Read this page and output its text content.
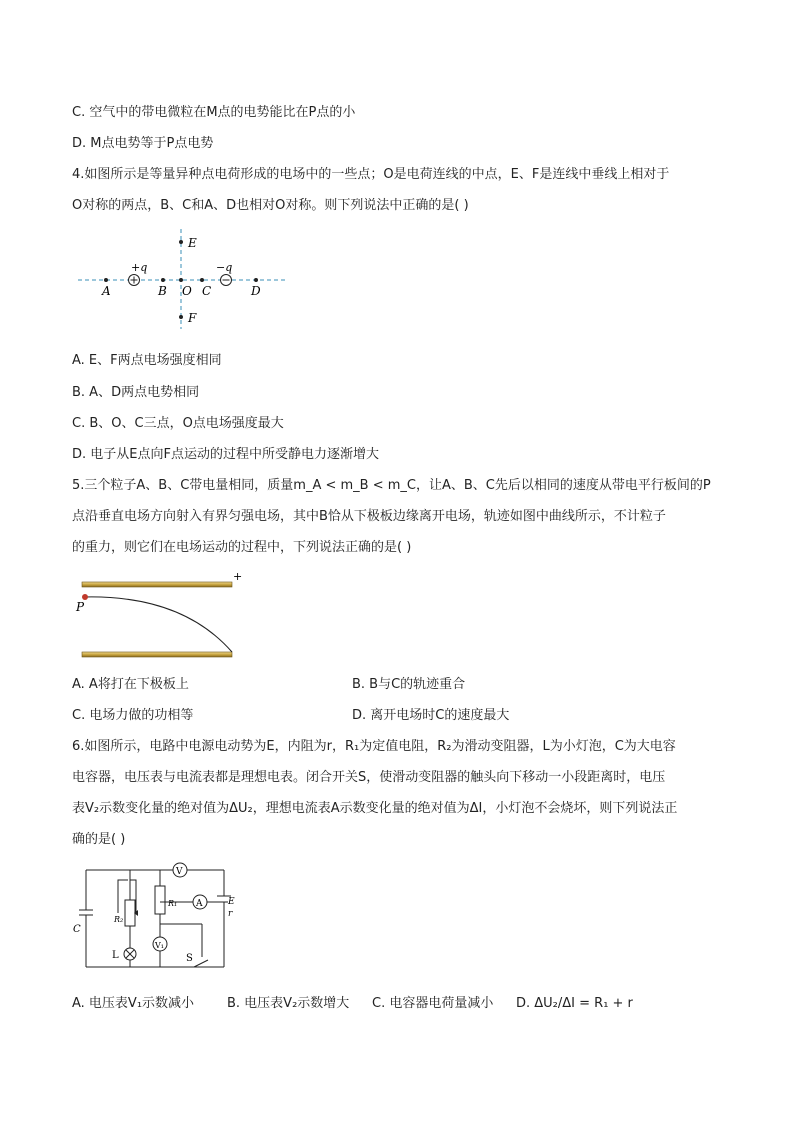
C. 空气中的带电微粒在M点的电势能比在P点的小
D. M点电势等于P点电势
4.如图所示是等量异种点电荷形成的电场中的一些点；O是电荷连线的中点，E、F是连线中垂线上相对于
O对称的两点，B、C和A、D也相对O对称。则下列说法中正确的是( )
E
F
+q	−q
A	B O C	D
A. E、F两点电场强度相同
B. A、D两点电势相同
C. B、O、C三点，O点电场强度最大
D. 电子从E点向F点运动的过程中所受静电力逐渐增大
5.三个粒子A、B、C带电量相同，质量m_A < m_B < m_C，让A、B、C先后以相同的速度从带电平行板间的P
点沿垂直电场方向射入有界匀强电场，其中B恰从下极板边缘离开电场，轨迹如图中曲线所示，不计粒子
的重力，则它们在电场运动的过程中，下列说法正确的是( )
P
+
A. A将打在下极板上	B. B与C的轨迹重合
C. 电场力做的功相等	D. 离开电场时C的速度最大
6.如图所示，电路中电源电动势为E，内阻为r，R₁为定值电阻，R₂为滑动变阻器，L为小灯泡，C为大电容
电容器，电压表与电流表都是理想电表。闭合开关S，使滑动变阻器的触头向下移动一小段距离时，电压
表V₂示数变化量的绝对值为ΔU₂，理想电流表A示数变化量的绝对值为ΔI，小灯泡不会烧坏，则下列说法正
确的是( )
C
R₂
R₁
L	S
E
r
V
A
V₁
A. 电压表V₁示数减小	B. 电压表V₂示数增大 C. 电容器电荷量减小 D. ΔU₂/ΔI = R₁ + r
